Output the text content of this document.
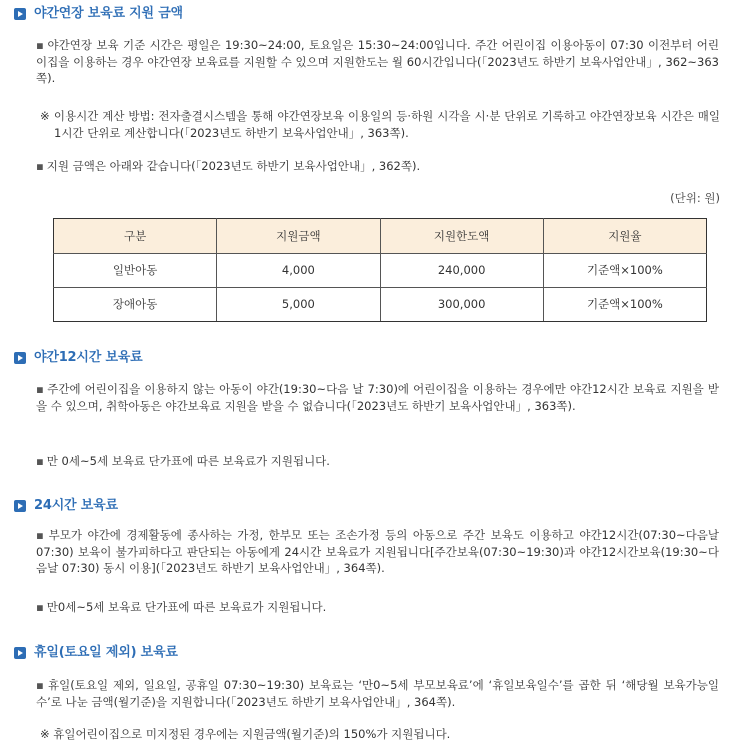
야간연장 보육료 지원 금액
▪ 야간연장 보육 기준 시간은 평일은 19:30~24:00, 토요일은 15:30~24:00입니다. 주간 어린이집 이용아동이 07:30 이전부터 어린이집을 이용하는 경우 야간연장 보육료를 지원할 수 있으며 지원한도는 월 60시간입니다(「2023년도 하반기 보육사업안내」, 362~363쪽).
※ 이용시간 계산 방법: 전자출결시스템을 통해 야간연장보육 이용일의 등·하원 시각을 시·분 단위로 기록하고 야간연장보육 시간은 매일 1시간 단위로 계산합니다(「2023년도 하반기 보육사업안내」, 363쪽).
▪ 지원 금액은 아래와 같습니다(「2023년도 하반기 보육사업안내」, 362쪽).
(단위: 원)
구분	지원금액	지원한도액	지원율
일반아동	4,000	240,000	기준액×100%
장애아동	5,000	300,000	기준액×100%
야간12시간 보육료
▪ 주간에 어린이집을 이용하지 않는 아동이 야간(19:30~다음 날 7:30)에 어린이집을 이용하는 경우에만 야간12시간 보육료 지원을 받을 수 있으며, 취학아동은 야간보육료 지원을 받을 수 없습니다(「2023년도 하반기 보육사업안내」, 363쪽).
▪ 만 0세~5세 보육료 단가표에 따른 보육료가 지원됩니다.
24시간 보육료
▪ 부모가 야간에 경제활동에 종사하는 가정, 한부모 또는 조손가정 등의 아동으로 주간 보육도 이용하고 야간12시간(07:30~다음날 07:30) 보육이 불가피하다고 판단되는 아동에게 24시간 보육료가 지원됩니다[주간보육(07:30~19:30)과 야간12시간보육(19:30~다음날 07:30) 동시 이용](「2023년도 하반기 보육사업안내」, 364쪽).
▪ 만0세~5세 보육료 단가표에 따른 보육료가 지원됩니다.
휴일(토요일 제외) 보육료
▪ 휴일(토요일 제외, 일요일, 공휴일 07:30~19:30) 보육료는 ‘만0~5세 부모보육료’에 ‘휴일보육일수’를 곱한 뒤 ‘해당월 보육가능일수’로 나눈 금액(월기준)을 지원합니다(「2023년도 하반기 보육사업안내」, 364쪽).
※ 휴일어린이집으로 미지정된 경우에는 지원금액(월기준)의 150%가 지원됩니다.
